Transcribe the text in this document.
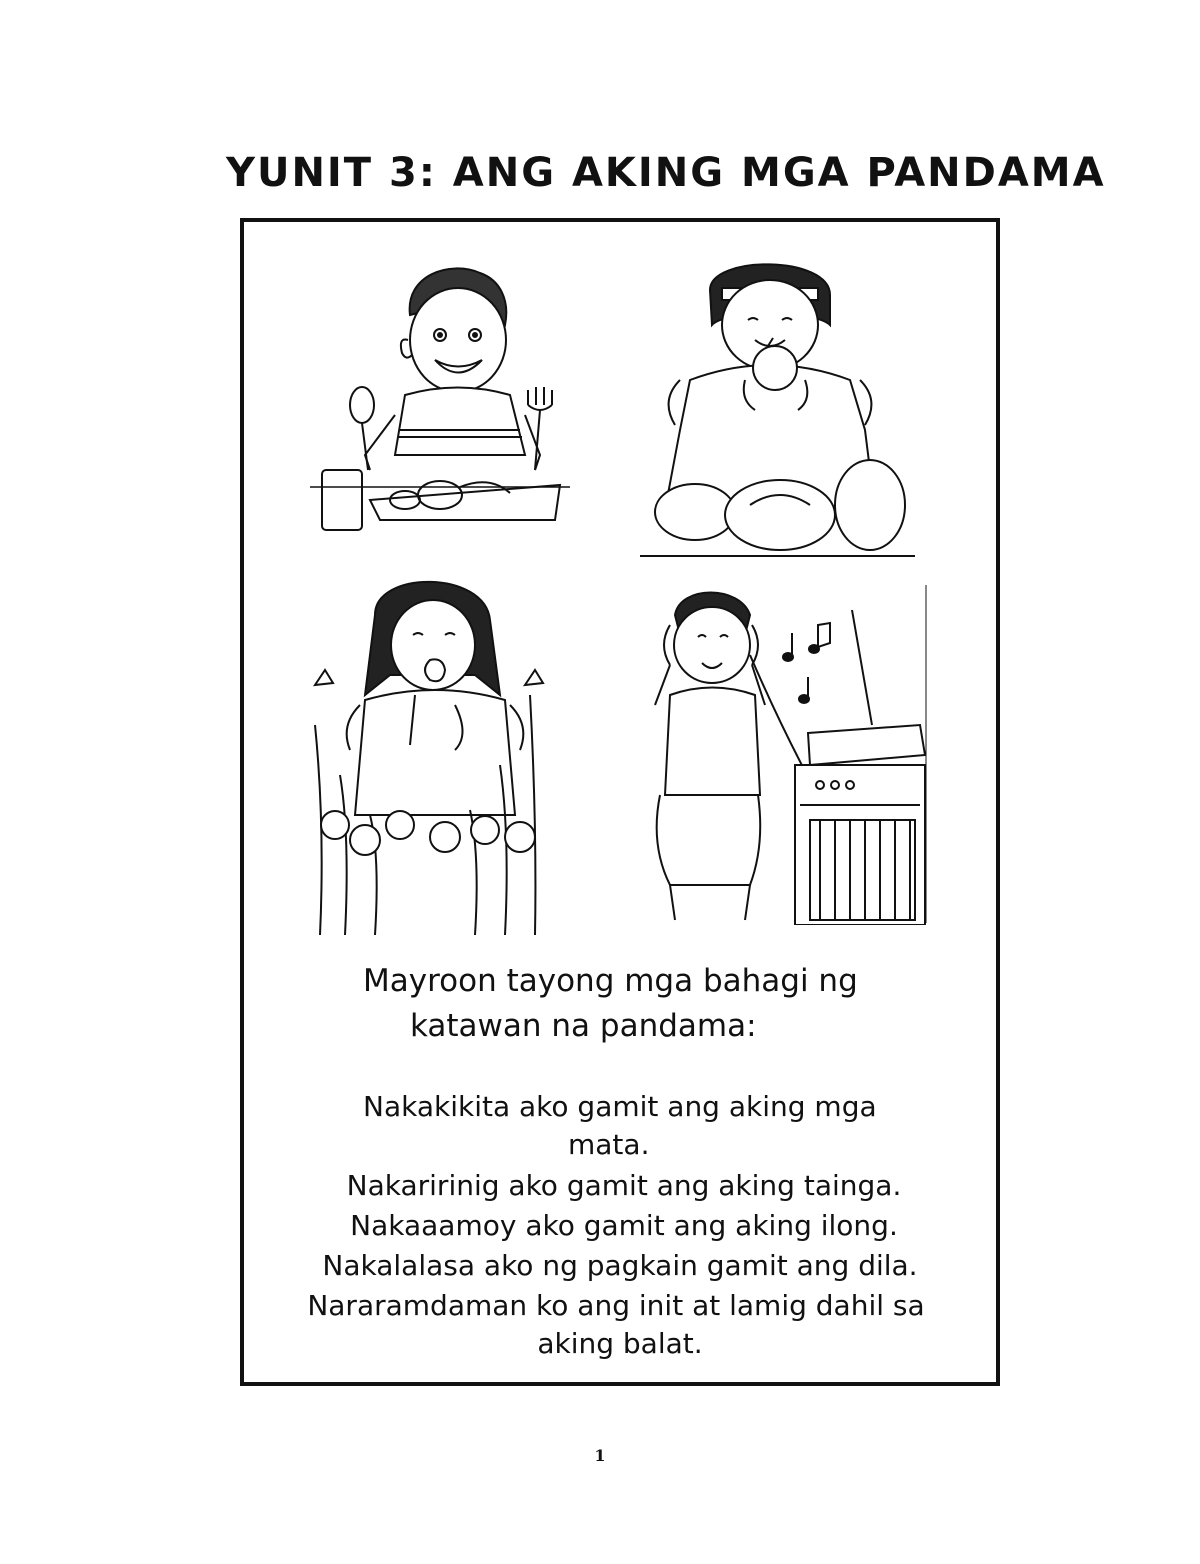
YUNIT 3: ANG AKING MGA PANDAMA
Mayroon tayong mga bahagi ng
katawan na pandama:
Nakakikita ako gamit ang aking mga
mata.
Nakaririnig ako gamit ang aking tainga.
Nakaaamoy ako gamit ang aking ilong.
Nakalalasa ako ng pagkain gamit ang dila.
Nararamdaman ko ang init at lamig dahil sa
aking balat.
1
